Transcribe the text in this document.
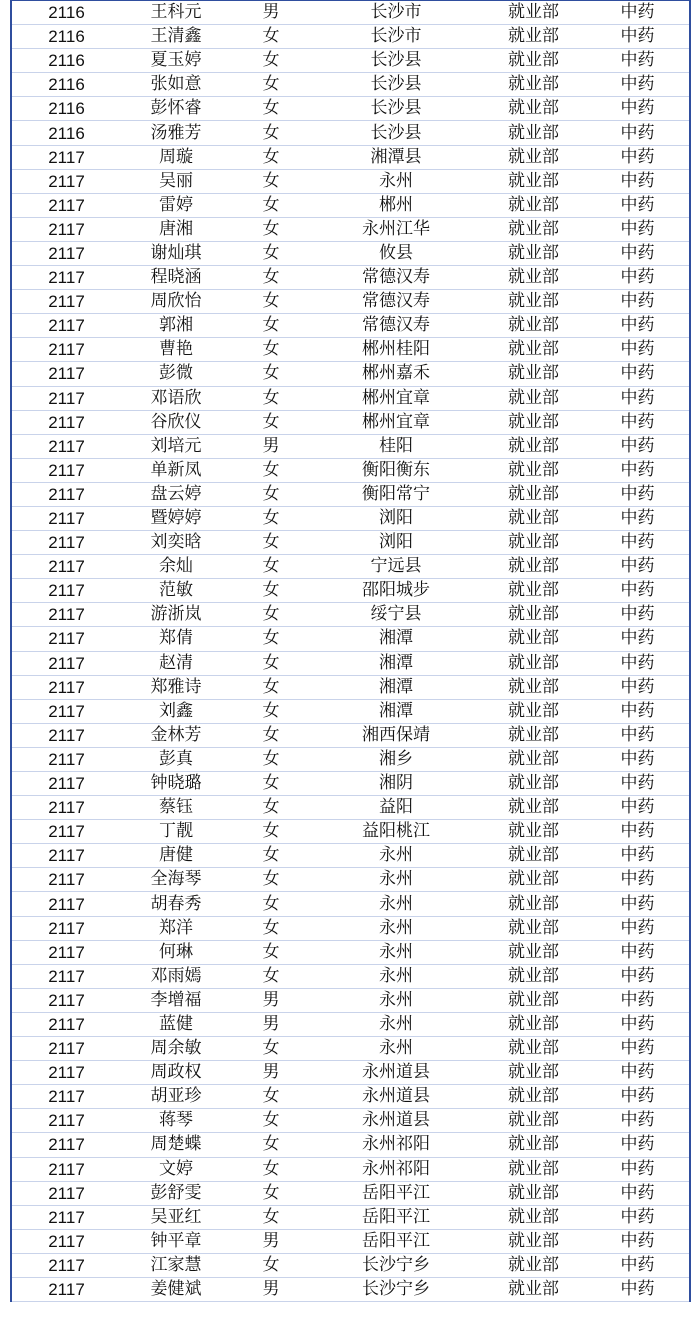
2116	王科元	男	长沙市	就业部	中药
2116	王清鑫	女	长沙市	就业部	中药
2116	夏玉婷	女	长沙县	就业部	中药
2116	张如意	女	长沙县	就业部	中药
2116	彭怀睿	女	长沙县	就业部	中药
2116	汤雅芳	女	长沙县	就业部	中药
2117	周璇	女	湘潭县	就业部	中药
2117	吴丽	女	永州	就业部	中药
2117	雷婷	女	郴州	就业部	中药
2117	唐湘	女	永州江华	就业部	中药
2117	谢灿琪	女	攸县	就业部	中药
2117	程晓涵	女	常德汉寿	就业部	中药
2117	周欣怡	女	常德汉寿	就业部	中药
2117	郭湘	女	常德汉寿	就业部	中药
2117	曹艳	女	郴州桂阳	就业部	中药
2117	彭微	女	郴州嘉禾	就业部	中药
2117	邓语欣	女	郴州宜章	就业部	中药
2117	谷欣仪	女	郴州宜章	就业部	中药
2117	刘培元	男	桂阳	就业部	中药
2117	单新凤	女	衡阳衡东	就业部	中药
2117	盘云婷	女	衡阳常宁	就业部	中药
2117	暨婷婷	女	浏阳	就业部	中药
2117	刘奕晗	女	浏阳	就业部	中药
2117	余灿	女	宁远县	就业部	中药
2117	范敏	女	邵阳城步	就业部	中药
2117	游浙岚	女	绥宁县	就业部	中药
2117	郑倩	女	湘潭	就业部	中药
2117	赵清	女	湘潭	就业部	中药
2117	郑雅诗	女	湘潭	就业部	中药
2117	刘鑫	女	湘潭	就业部	中药
2117	金林芳	女	湘西保靖	就业部	中药
2117	彭真	女	湘乡	就业部	中药
2117	钟晓璐	女	湘阴	就业部	中药
2117	蔡钰	女	益阳	就业部	中药
2117	丁靓	女	益阳桃江	就业部	中药
2117	唐健	女	永州	就业部	中药
2117	全海琴	女	永州	就业部	中药
2117	胡春秀	女	永州	就业部	中药
2117	郑洋	女	永州	就业部	中药
2117	何琳	女	永州	就业部	中药
2117	邓雨嫣	女	永州	就业部	中药
2117	李增福	男	永州	就业部	中药
2117	蓝健	男	永州	就业部	中药
2117	周余敏	女	永州	就业部	中药
2117	周政权	男	永州道县	就业部	中药
2117	胡亚珍	女	永州道县	就业部	中药
2117	蒋琴	女	永州道县	就业部	中药
2117	周楚蝶	女	永州祁阳	就业部	中药
2117	文婷	女	永州祁阳	就业部	中药
2117	彭舒雯	女	岳阳平江	就业部	中药
2117	吴亚红	女	岳阳平江	就业部	中药
2117	钟平章	男	岳阳平江	就业部	中药
2117	江家慧	女	长沙宁乡	就业部	中药
2117	姜健斌	男	长沙宁乡	就业部	中药
